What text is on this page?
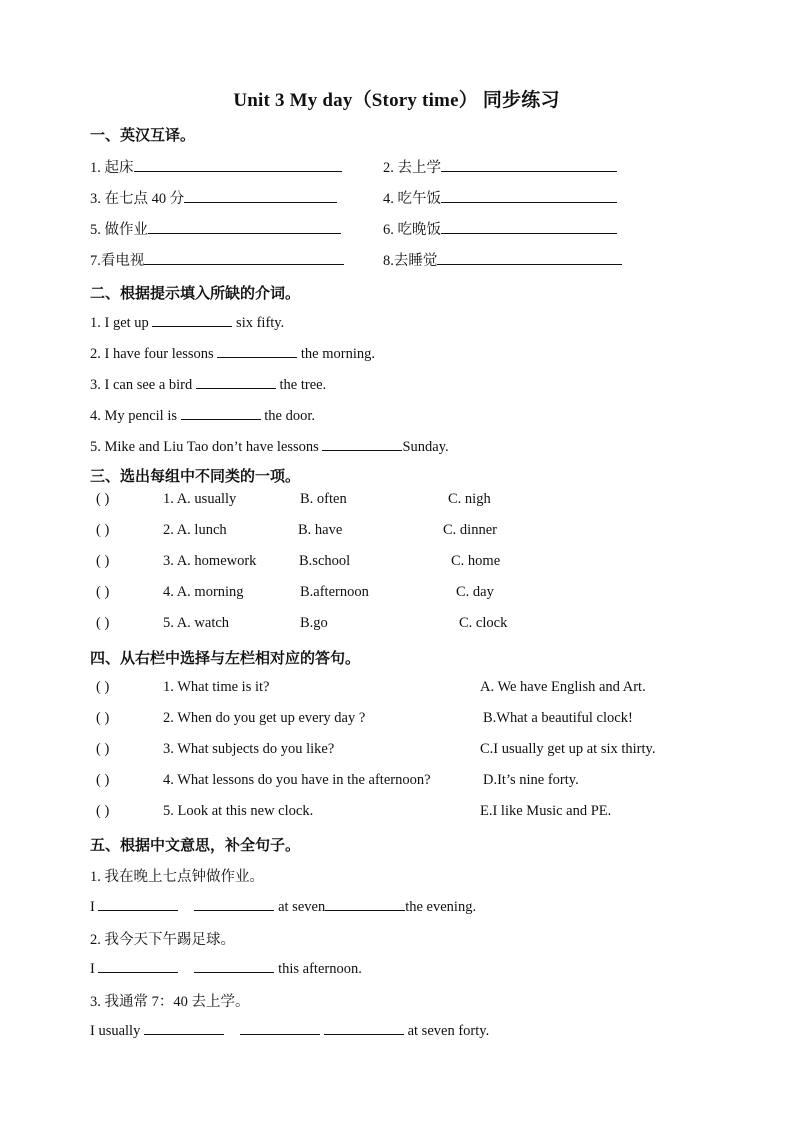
Unit 3 My day（Story time） 同步练习
一、英汉互译。
1. 起床	2. 去上学
3. 在七点 40 分	4. 吃午饭
5. 做作业	6. 吃晚饭
7.看电视	8.去睡觉
二、根据提示填入所缺的介词。
1. I get up	six fifty.
2. I have four lessons	the morning.
3. I can see a bird	the tree.
4. My pencil is	the door.
5. Mike and Liu Tao don’t have lessons	Sunday.
三、选出每组中不同类的一项。
( )	1. A. usually	B. often	C. nigh
( )	2. A. lunch	B. have	C. dinner
( )	3. A. homework	B.school	C. home
( )	4. A. morning	B.afternoon	C. day
( )	5. A. watch	B.go	C. clock
四、从右栏中选择与左栏相对应的答句。
( )	1. What time is it?	A. We have English and Art.
( )	2. When do you get up every day ?	B.What a beautiful clock!
( )	3. What subjects do you like?	C.I usually get up at six thirty.
( )	4. What lessons do you have in the afternoon?	D.It’s nine forty.
( )	5. Look at this new clock.	E.I like Music and PE.
五、根据中文意思，补全句子。
1. 我在晚上七点钟做作业。
I	at seven	the evening.
2. 我今天下午踢足球。
I	this afternoon.
3. 我通常 7：40 去上学。
I usually	at seven forty.
